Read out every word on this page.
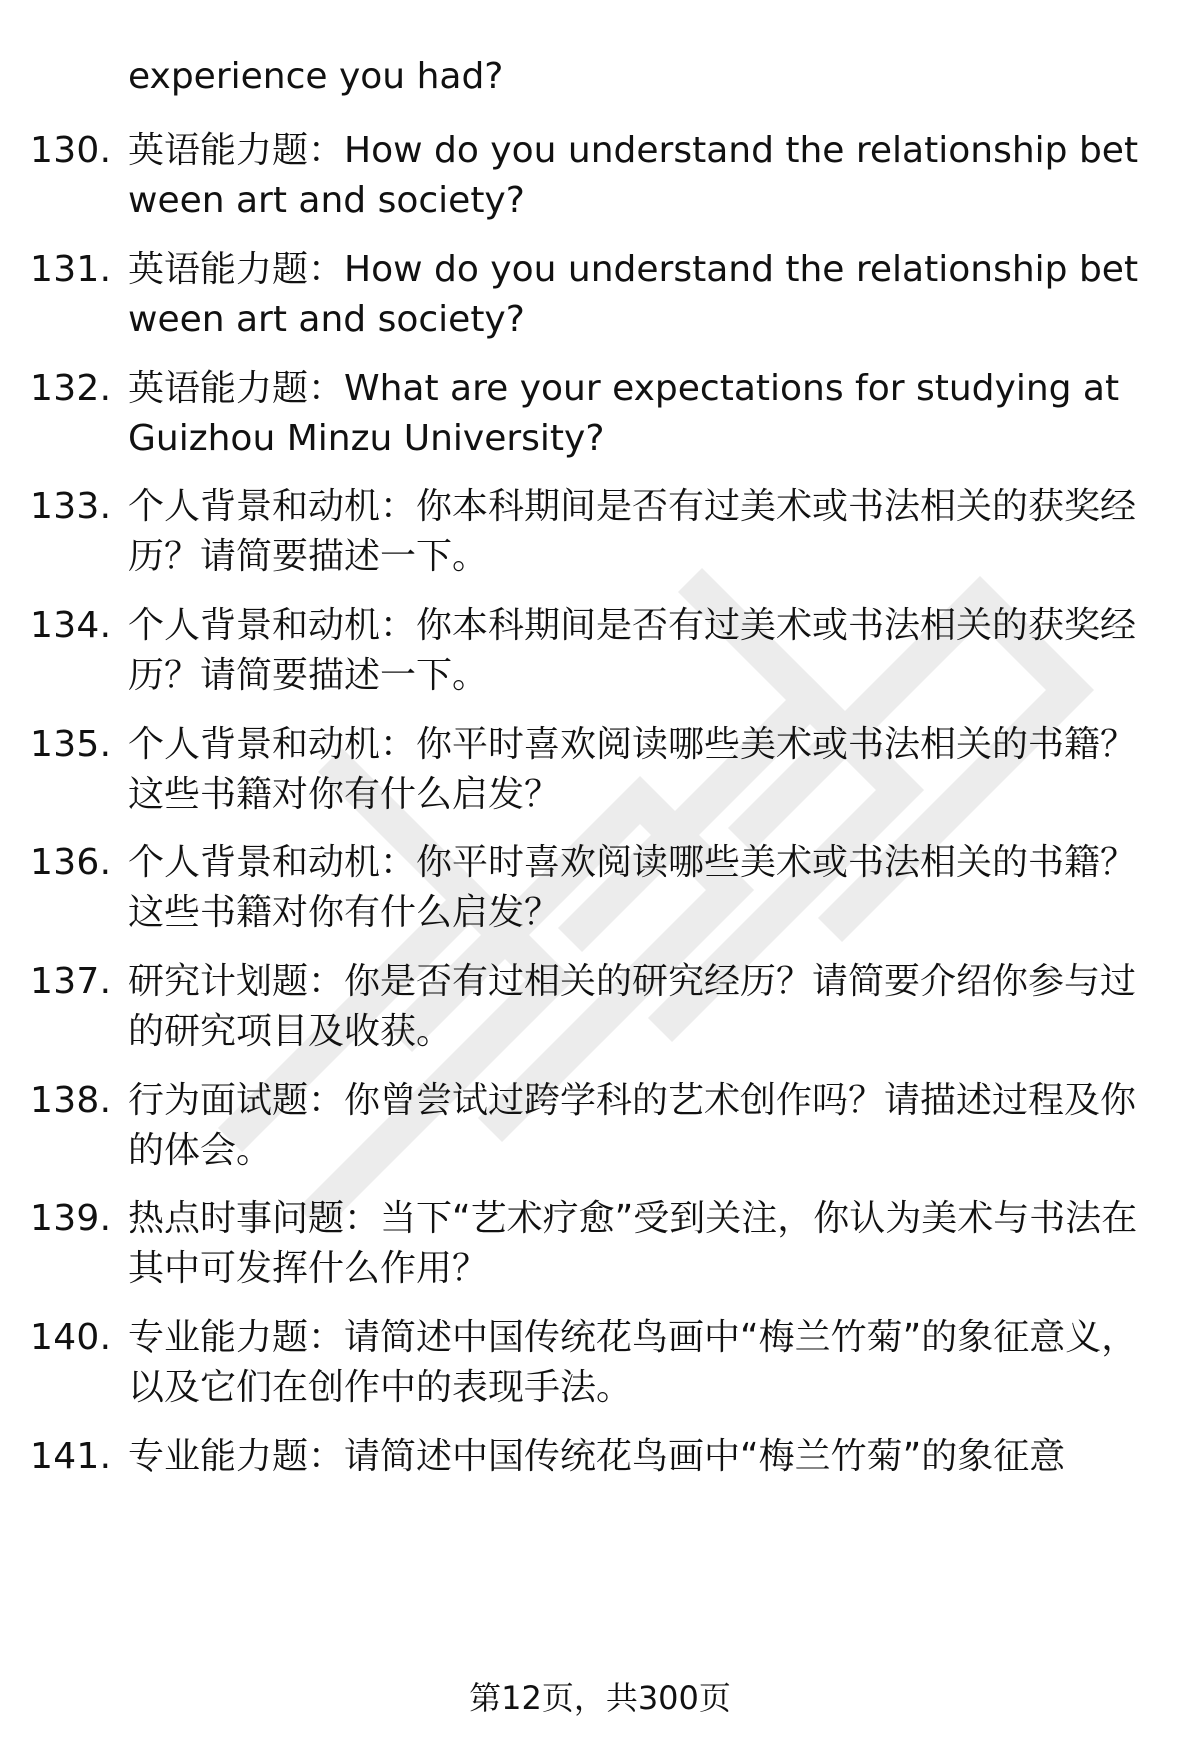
experience you had?
130. 英语能力题：How do you understand the relationship between art and society?
131. 英语能力题：How do you understand the relationship between art and society?
132. 英语能力题：What are your expectations for studying at Guizhou Minzu University?
133. 个人背景和动机：你本科期间是否有过美术或书法相关的获奖经历？请简要描述一下。
134. 个人背景和动机：你本科期间是否有过美术或书法相关的获奖经历？请简要描述一下。
135. 个人背景和动机：你平时喜欢阅读哪些美术或书法相关的书籍？这些书籍对你有什么启发？
136. 个人背景和动机：你平时喜欢阅读哪些美术或书法相关的书籍？这些书籍对你有什么启发？
137. 研究计划题：你是否有过相关的研究经历？请简要介绍你参与过的研究项目及收获。
138. 行为面试题：你曾尝试过跨学科的艺术创作吗？请描述过程及你的体会。
139. 热点时事问题：当下“艺术疗愈”受到关注，你认为美术与书法在其中可发挥什么作用？
140. 专业能力题：请简述中国传统花鸟画中“梅兰竹菊”的象征意义，以及它们在创作中的表现手法。
141. 专业能力题：请简述中国传统花鸟画中“梅兰竹菊”的象征意
第12页，共300页
